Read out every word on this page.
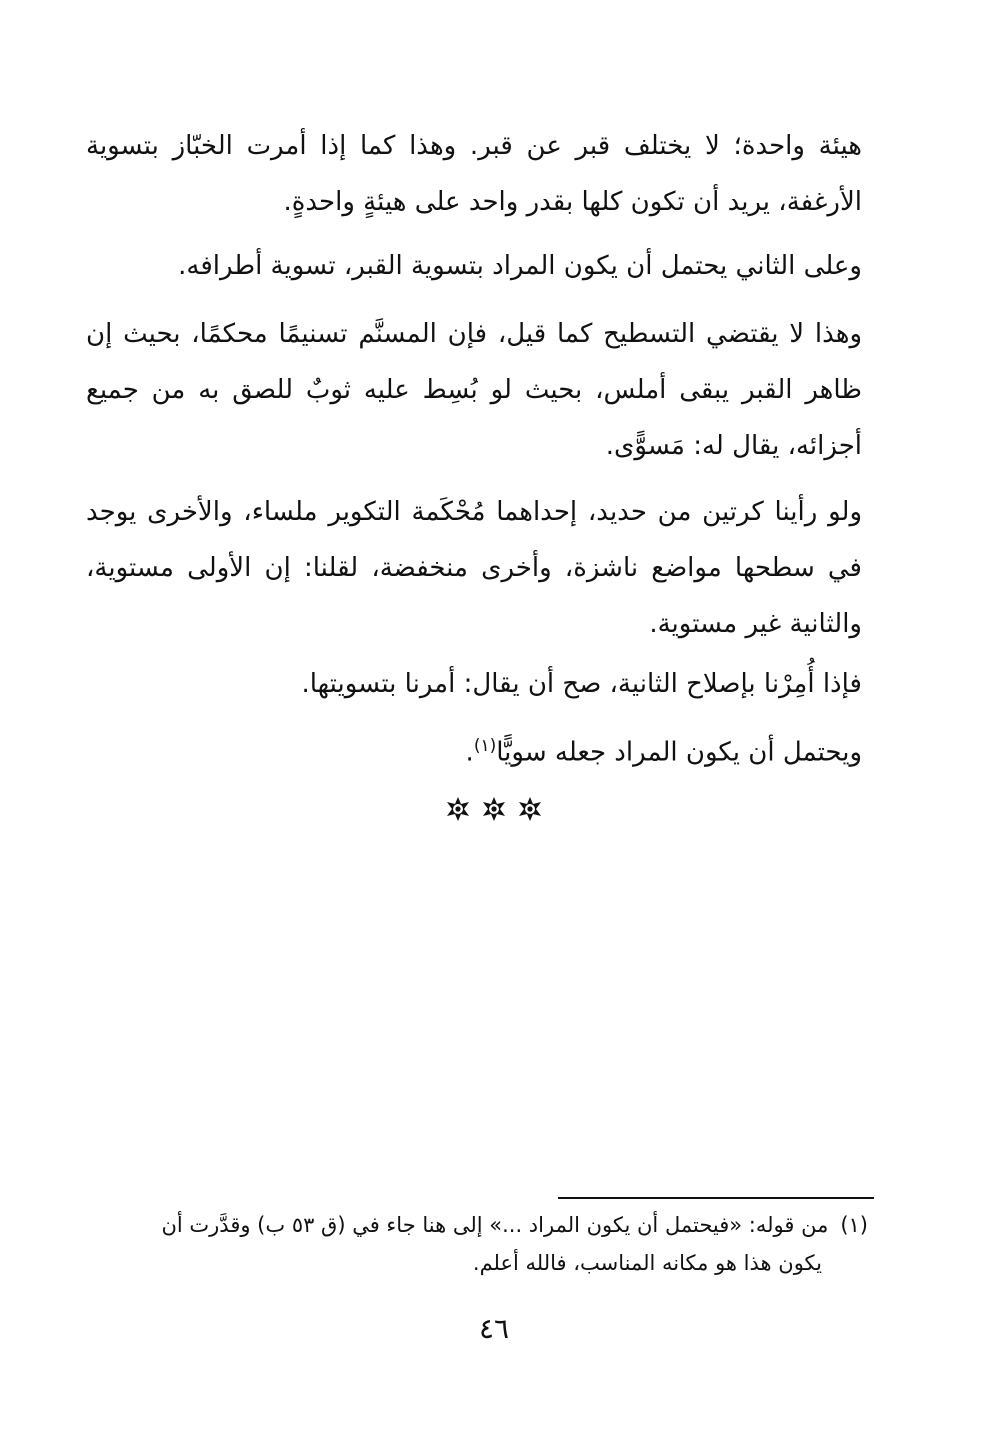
هيئة واحدة؛ لا يختلف قبر عن قبر. وهذا كما إذا أمرت الخبّاز بتسوية الأرغفة، يريد أن تكون كلها بقدر واحد على هيئةٍ واحدةٍ.

وعلى الثاني يحتمل أن يكون المراد بتسوية القبر، تسوية أطرافه.

وهذا لا يقتضي التسطيح كما قيل، فإن المسنَّم تسنيمًا محكمًا، بحيث إن ظاهر القبر يبقى أملس، بحيث لو بُسِط عليه ثوبٌ للصق به من جميع أجزائه، يقال له: مَسوًّى.

ولو رأينا كرتين من حديد، إحداهما مُحْكَمة التكوير ملساء، والأخرى يوجد في سطحها مواضع ناشزة، وأخرى منخفضة، لقلنا: إن الأولى مستوية، والثانية غير مستوية.

فإذا أُمِرْنا بإصلاح الثانية، صح أن يقال: أمرنا بتسويتها.

ويحتمل أن يكون المراد جعله سويًّا$^{(١)}$.

(١)من قوله: «فيحتمل أن يكون المراد ...» إلى هنا جاء في (ق ٥٣ ب) وقدَّرت أن
يكون هذا هو مكانه المناسب، فالله أعلم.

٤٦
